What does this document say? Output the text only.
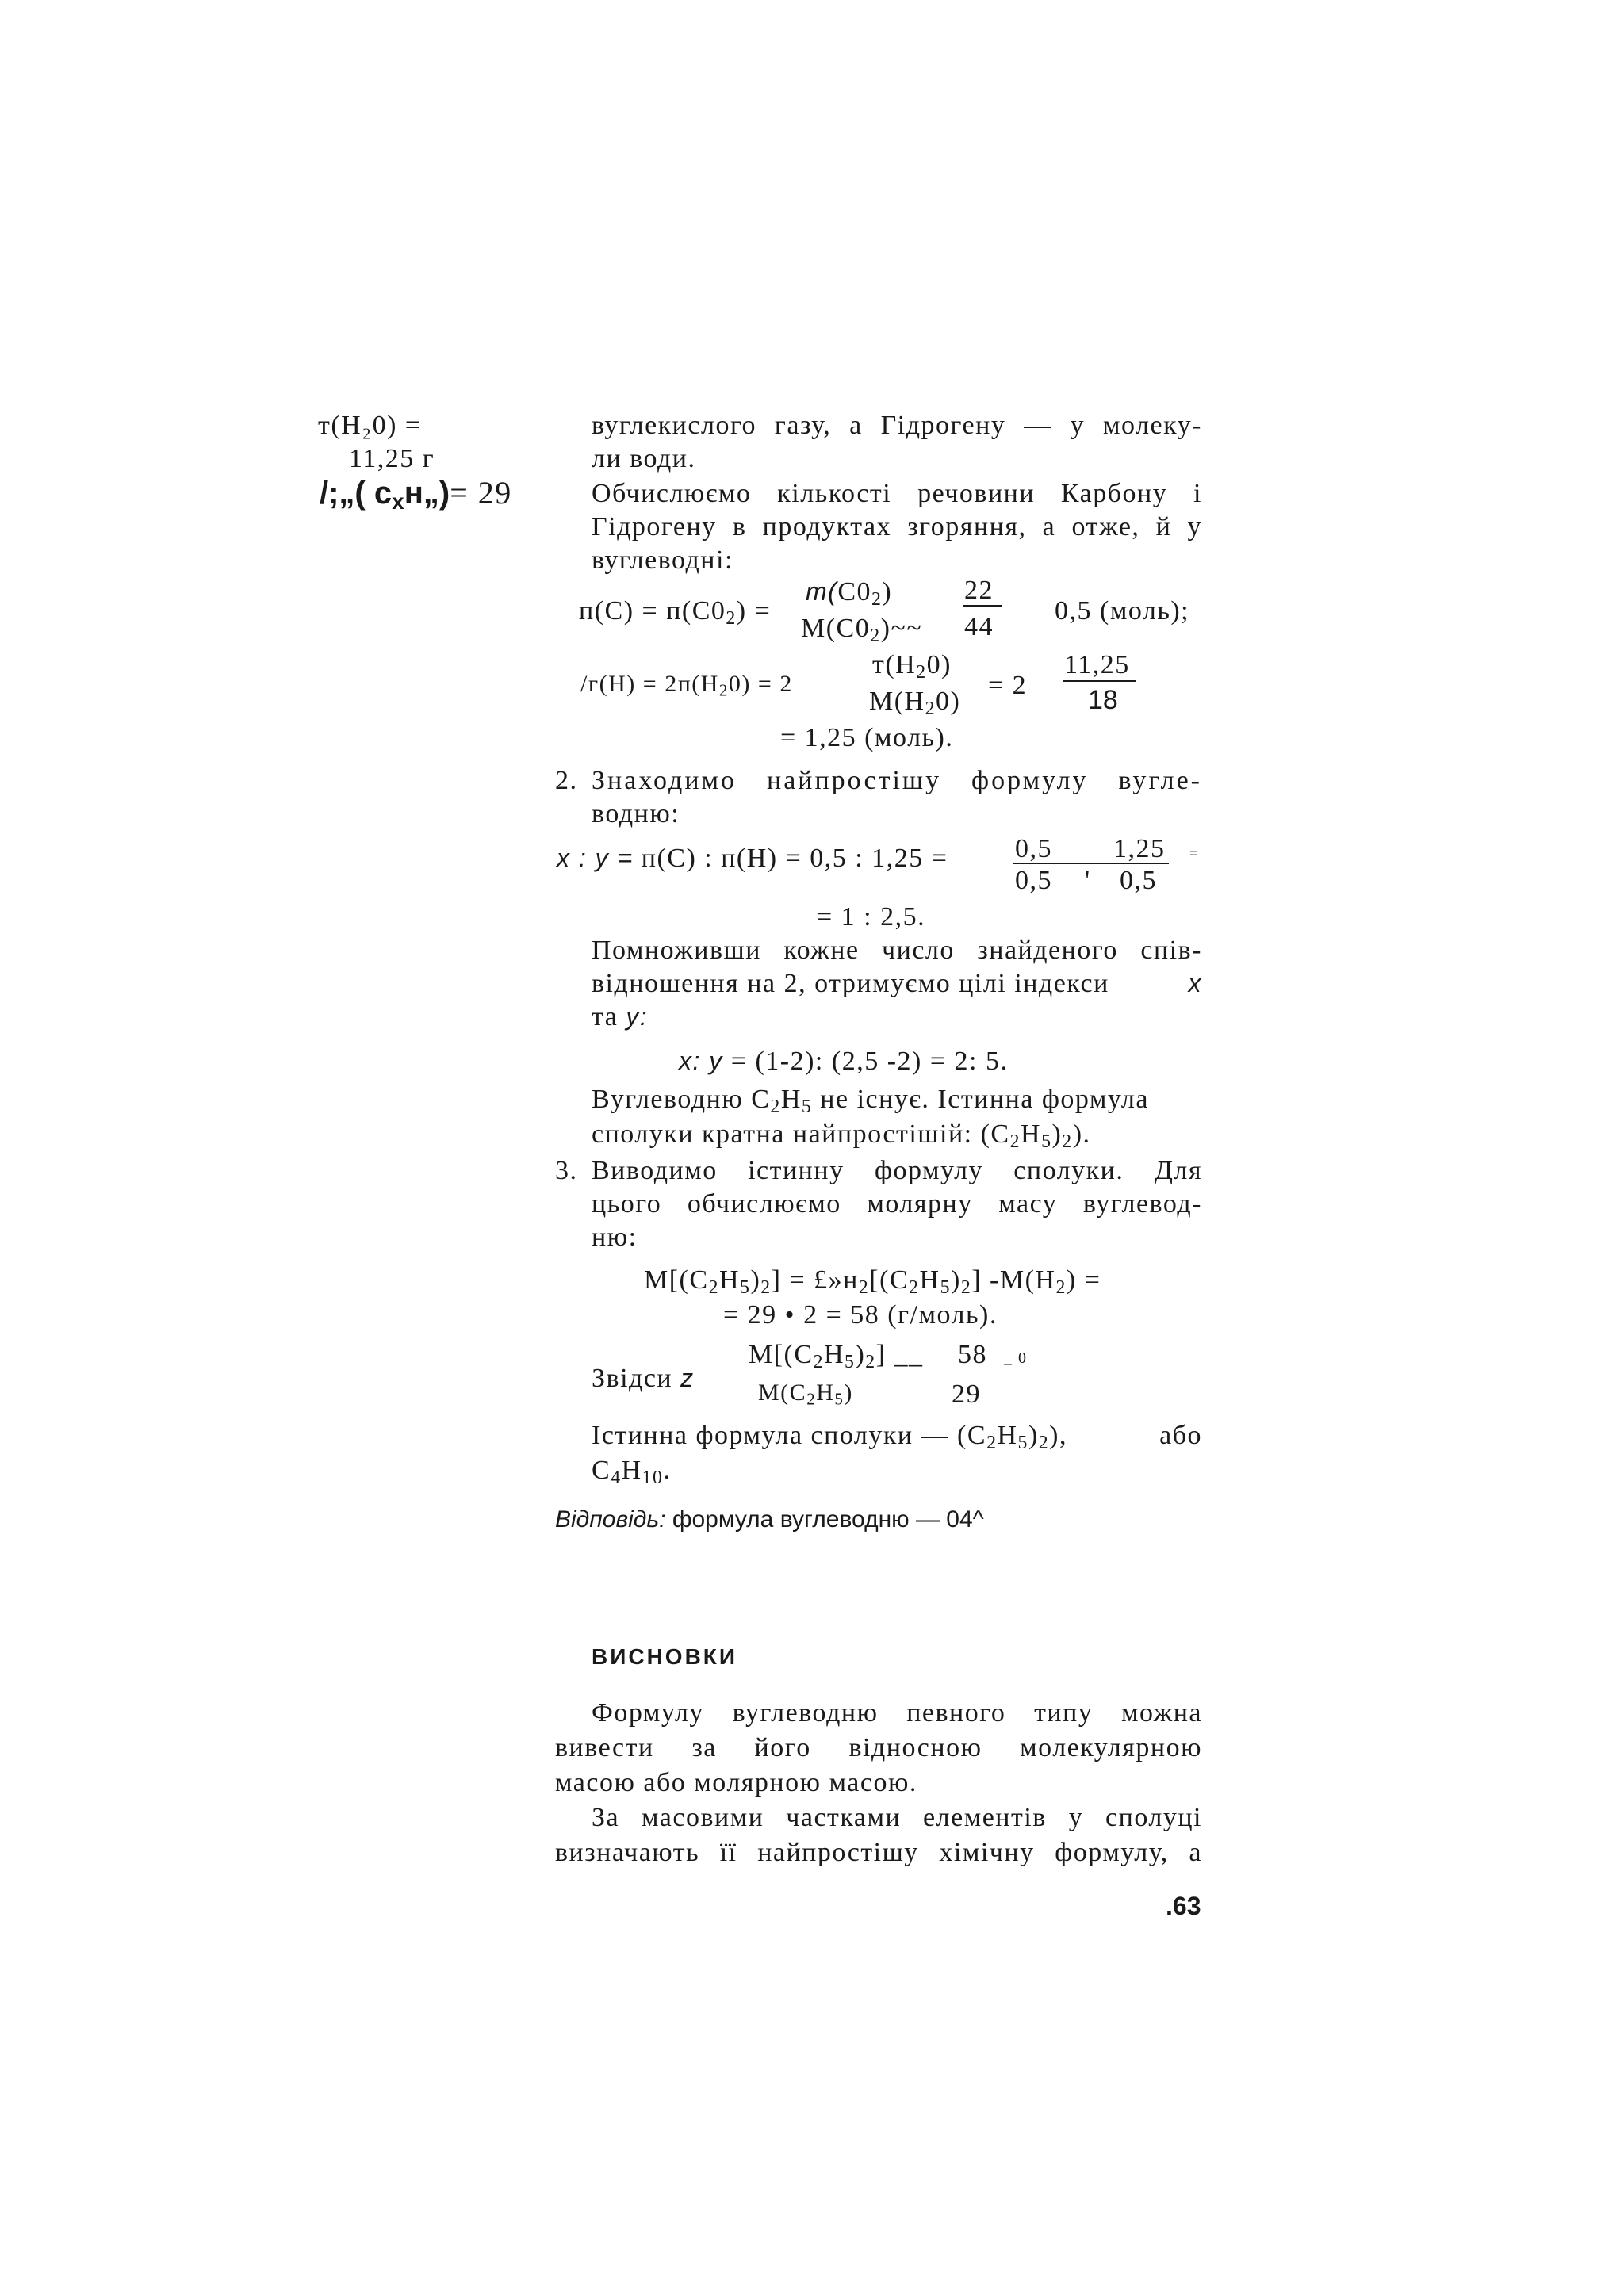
т(Н₂0) =
11,25 г
/;„( $с_хн„)= 29$
вуглекислого газу, а Гідрогену — у молеку-
ли води.
Обчислюємо кількості речовини Карбону і
Гідрогену в продуктах згоряння, а отже, й у
вуглеводні:
$п(С) = п(С0_2)$ =
$m(С0_2)$
$М(С0_2)\sim\sim$
22
44
0,5 (моль);
$/г(Н) = 2п(Н_20) = 2$
$т(Н_20)$
$М(Н_20)$
= 2
11,25
18
= 1,25 (моль).
2. Знаходимо найпростішу формулу вугле-
водню:
х : у = п(С) : п(Н) = 0,5 : 1,25 = 0,5 1,25 =
0,5 ' 0,5
= 1 : 2,5.
Помноживши кожне число знайденого спів-
відношення на 2, отримуємо цілі індекси	х
та у:
х: у = (1-2): (2,5 -2) = 2: 5.
Вуглеводню $C_2H_5$ не існує. Істинна формула
сполуки кратна найпростішій: $(C_2H_5)_2$).
3. Виводимо істинну формулу сполуки. Для
цього обчислюємо молярну масу вуглевод-
ню:
$M[(C_2H_5)_2]$ = $£»н_2[(C_2H_5)_2] -М(Н_2)$ =
= 29 • 2 = 58 (г/моль).
Звідси z
$M[(C_2H_5)_2]$ __ 58 _ 0
$М(С_2Н_5)$	29
Істинна формула сполуки — $(C_2H_5)_2$),	або
$C_4H_{10}$.
Відповідь: формула вуглеводню — 04^
ВИСНОВКИ
Формулу вуглеводню певного типу можна
вивести за його відносною молекулярною
масою або молярною масою.
За масовими частками елементів у сполуці
визначають її найпростішу хімічну формулу, а
.63
